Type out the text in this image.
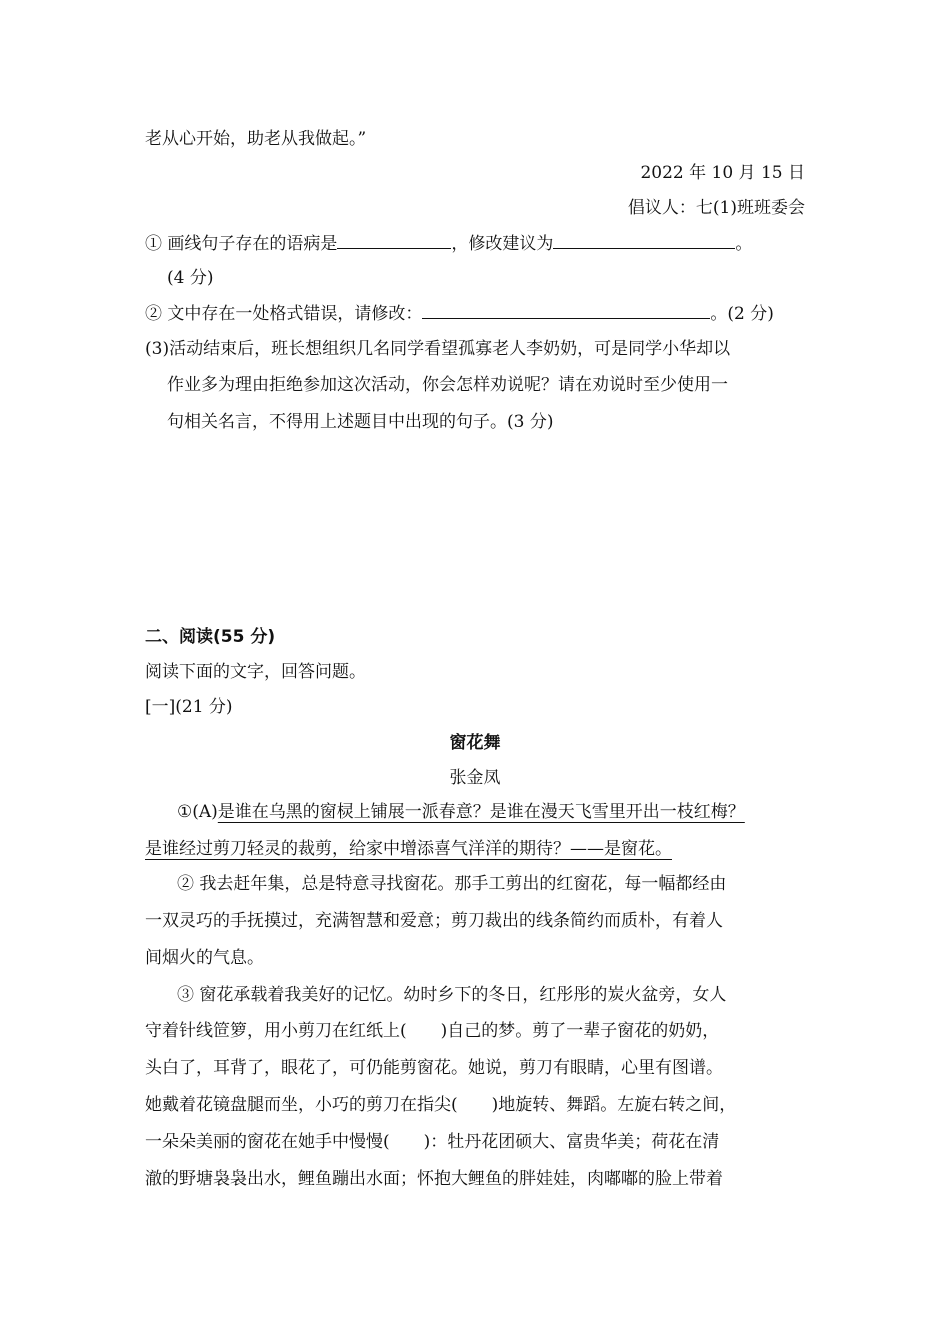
老从心开始，助老从我做起。”
2022 年 10 月 15 日
倡议人：七(1)班班委会
① 画线句子存在的语病是	，修改建议为	。
(4 分)
② 文中存在一处格式错误，请修改：	。(2 分)
(3)活动结束后，班长想组织几名同学看望孤寡老人李奶奶，可是同学小华却以
作业多为理由拒绝参加这次活动，你会怎样劝说呢？请在劝说时至少使用一
句相关名言，不得用上述题目中出现的句子。(3 分)
二、阅读(55 分)
阅读下面的文字，回答问题。
[一](21 分)
窗花舞
张金凤
①(A)是谁在乌黑的窗棂上铺展一派春意？是谁在漫天飞雪里开出一枝红梅？
是谁经过剪刀轻灵的裁剪，给家中增添喜气洋洋的期待？——是窗花。
② 我去赶年集，总是特意寻找窗花。那手工剪出的红窗花，每一幅都经由
一双灵巧的手抚摸过，充满智慧和爱意；剪刀裁出的线条简约而质朴，有着人
间烟火的气息。
③ 窗花承载着我美好的记忆。幼时乡下的冬日，红彤彤的炭火盆旁，女人
守着针线笸箩，用小剪刀在红纸上(　　)自己的梦。剪了一辈子窗花的奶奶，
头白了，耳背了，眼花了，可仍能剪窗花。她说，剪刀有眼睛，心里有图谱。
她戴着花镜盘腿而坐，小巧的剪刀在指尖(　　)地旋转、舞蹈。左旋右转之间，
一朵朵美丽的窗花在她手中慢慢(　　)：牡丹花团硕大、富贵华美；荷花在清
澈的野塘袅袅出水，鲤鱼蹦出水面；怀抱大鲤鱼的胖娃娃，肉嘟嘟的脸上带着
